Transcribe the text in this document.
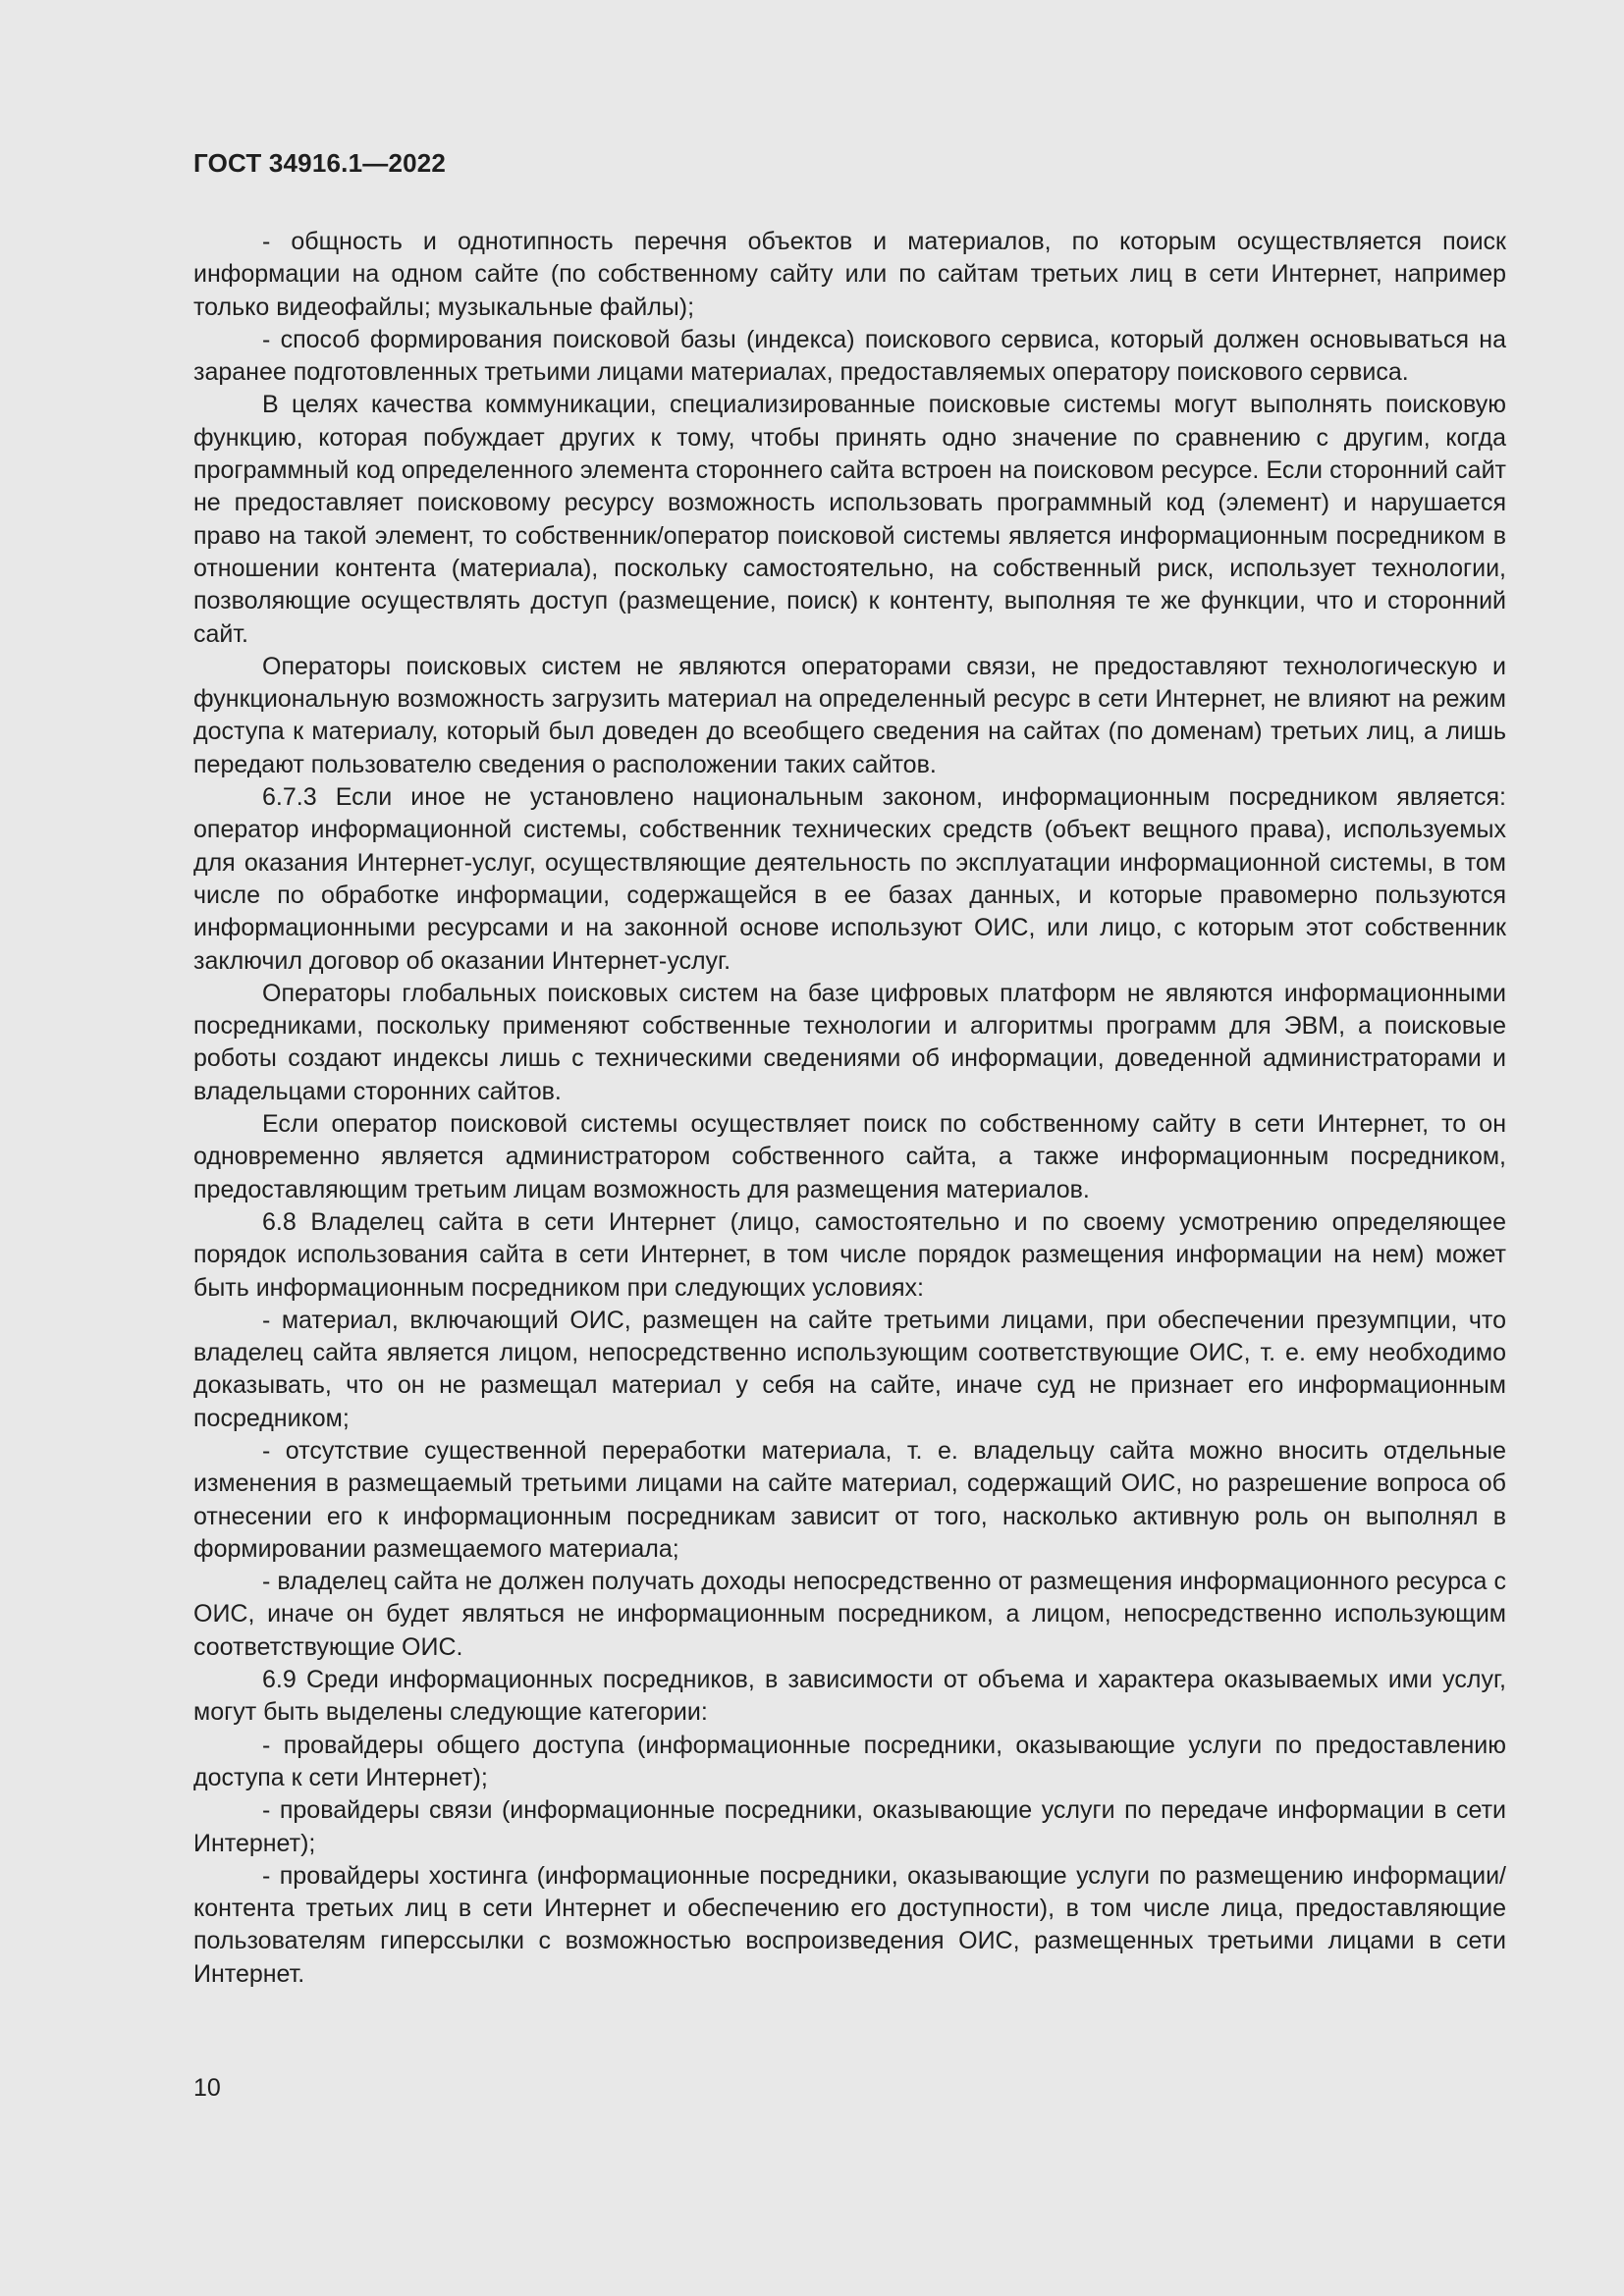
ГОСТ 34916.1—2022

- общность и однотипность перечня объектов и материалов, по которым осуществляется поиск информации на одном сайте (по собственному сайту или по сайтам третьих лиц в сети Интернет, например только видеофайлы; музыкальные файлы);

- способ формирования поисковой базы (индекса) поискового сервиса, который должен основываться на заранее подготовленных третьими лицами материалах, предоставляемых оператору поискового сервиса.

В целях качества коммуникации, специализированные поисковые системы могут выполнять поисковую функцию, которая побуждает других к тому, чтобы принять одно значение по сравнению с другим, когда программный код определенного элемента стороннего сайта встроен на поисковом ресурсе. Если сторонний сайт не предоставляет поисковому ресурсу возможность использовать программный код (элемент) и нарушается право на такой элемент, то собственник/оператор поисковой системы является информационным посредником в отношении контента (материала), поскольку самостоятельно, на собственный риск, использует технологии, позволяющие осуществлять доступ (размещение, поиск) к контенту, выполняя те же функции, что и сторонний сайт.

Операторы поисковых систем не являются операторами связи, не предоставляют технологическую и функциональную возможность загрузить материал на определенный ресурс в сети Интернет, не влияют на режим доступа к материалу, который был доведен до всеобщего сведения на сайтах (по доменам) третьих лиц, а лишь передают пользователю сведения о расположении таких сайтов.

6.7.3 Если иное не установлено национальным законом, информационным посредником является: оператор информационной системы, собственник технических средств (объект вещного права), используемых для оказания Интернет-услуг, осуществляющие деятельность по эксплуатации информационной системы, в том числе по обработке информации, содержащейся в ее базах данных, и которые правомерно пользуются информационными ресурсами и на законной основе используют ОИС, или лицо, с которым этот собственник заключил договор об оказании Интернет-услуг.

Операторы глобальных поисковых систем на базе цифровых платформ не являются информационными посредниками, поскольку применяют собственные технологии и алгоритмы программ для ЭВМ, а поисковые роботы создают индексы лишь с техническими сведениями об информации, доведенной администраторами и владельцами сторонних сайтов.

Если оператор поисковой системы осуществляет поиск по собственному сайту в сети Интернет, то он одновременно является администратором собственного сайта, а также информационным посредником, предоставляющим третьим лицам возможность для размещения материалов.

6.8 Владелец сайта в сети Интернет (лицо, самостоятельно и по своему усмотрению определяющее порядок использования сайта в сети Интернет, в том числе порядок размещения информации на нем) может быть информационным посредником при следующих условиях:

- материал, включающий ОИС, размещен на сайте третьими лицами, при обеспечении презумпции, что владелец сайта является лицом, непосредственно использующим соответствующие ОИС, т. е. ему необходимо доказывать, что он не размещал материал у себя на сайте, иначе суд не признает его информационным посредником;

- отсутствие существенной переработки материала, т. е. владельцу сайта можно вносить отдельные изменения в размещаемый третьими лицами на сайте материал, содержащий ОИС, но разрешение вопроса об отнесении его к информационным посредникам зависит от того, насколько активную роль он выполнял в формировании размещаемого материала;

- владелец сайта не должен получать доходы непосредственно от размещения информационного ресурса с ОИС, иначе он будет являться не информационным посредником, а лицом, непосредственно использующим соответствующие ОИС.

6.9 Среди информационных посредников, в зависимости от объема и характера оказываемых ими услуг, могут быть выделены следующие категории:

- провайдеры общего доступа (информационные посредники, оказывающие услуги по предоставлению доступа к сети Интернет);

- провайдеры связи (информационные посредники, оказывающие услуги по передаче информации в сети Интернет);

- провайдеры хостинга (информационные посредники, оказывающие услуги по размещению информации/контента третьих лиц в сети Интернет и обеспечению его доступности), в том числе лица, предоставляющие пользователям гиперссылки с возможностью воспроизведения ОИС, размещенных третьими лицами в сети Интернет.

10
